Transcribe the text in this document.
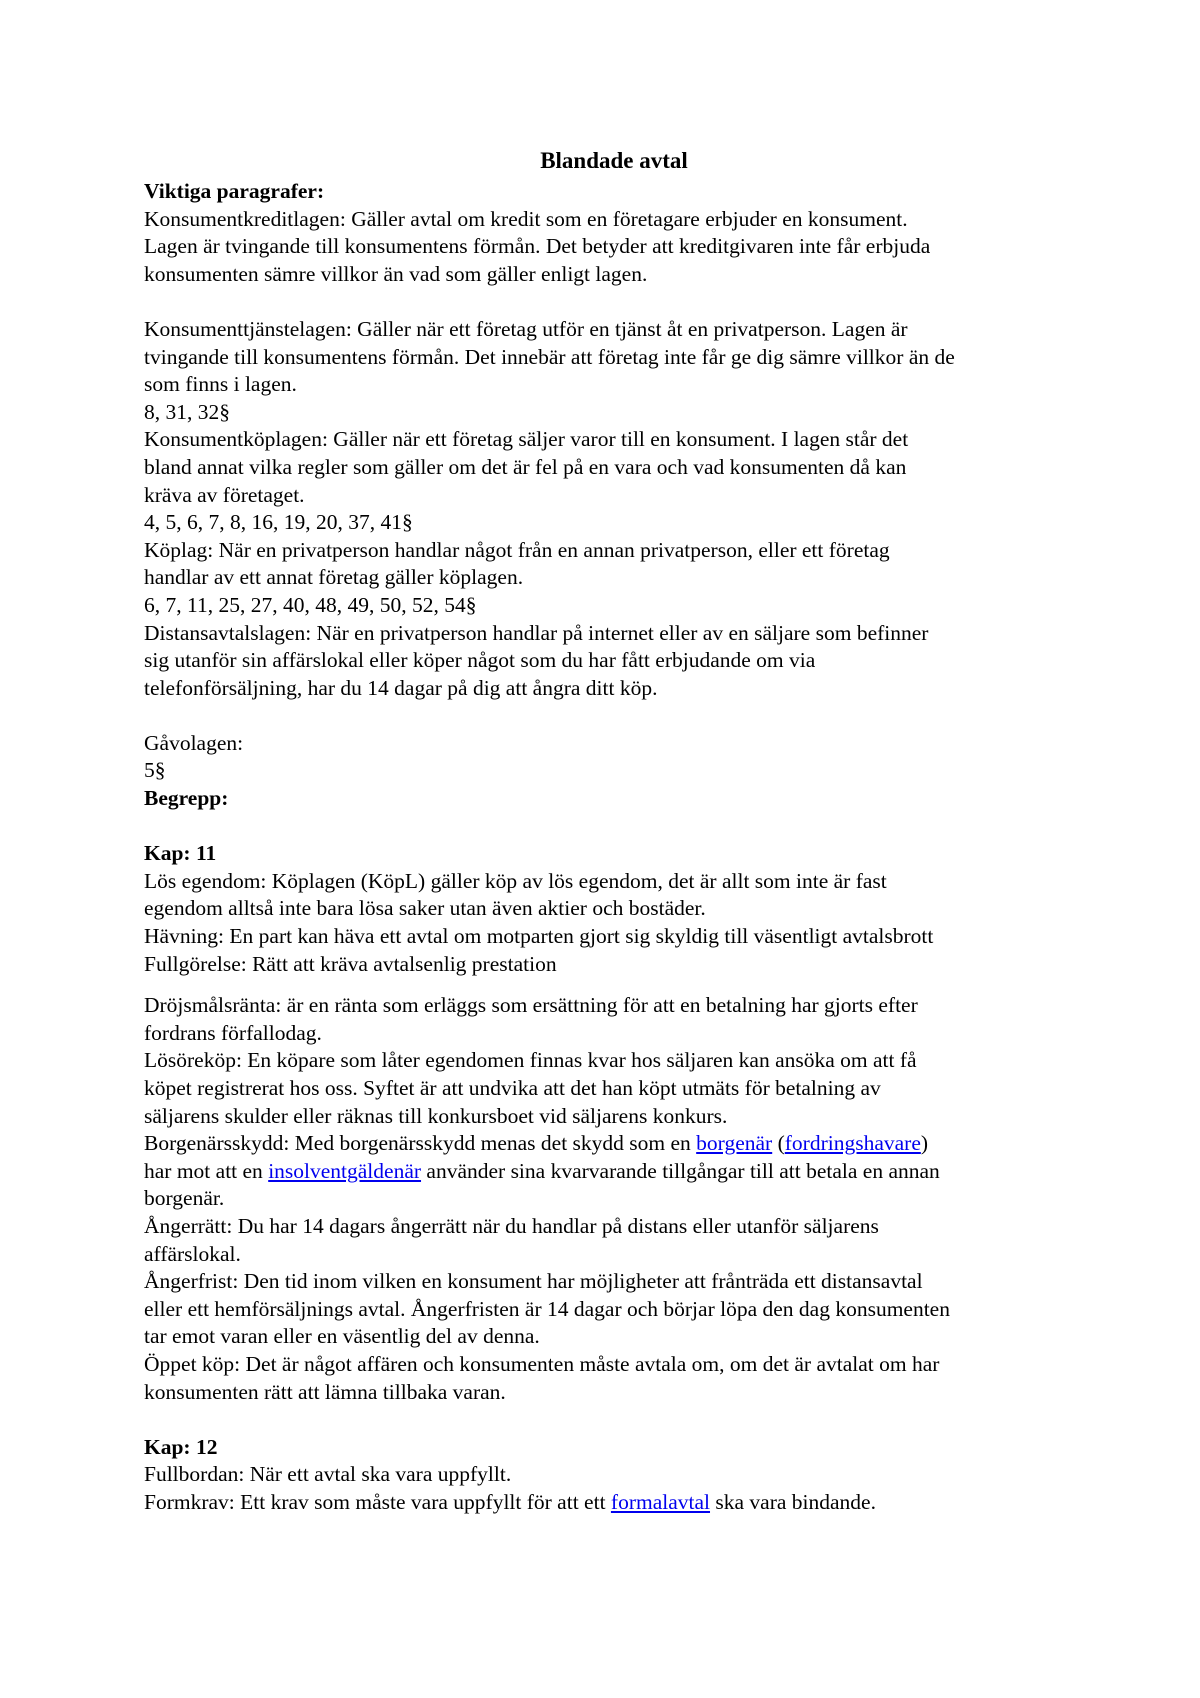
Blandade avtal

Viktiga paragrafer:

Konsumentkreditlagen: Gäller avtal om kredit som en företagare erbjuder en konsument.

Lagen är tvingande till konsumentens förmån. Det betyder att kreditgivaren inte får erbjuda

konsumenten sämre villkor än vad som gäller enligt lagen.

Konsumenttjänstelagen: Gäller när ett företag utför en tjänst åt en privatperson. Lagen är

tvingande till konsumentens förmån. Det innebär att företag inte får ge dig sämre villkor än de

som finns i lagen.

8, 31, 32§

Konsumentköplagen: Gäller när ett företag säljer varor till en konsument. I lagen står det

bland annat vilka regler som gäller om det är fel på en vara och vad konsumenten då kan

kräva av företaget.

4, 5, 6, 7, 8, 16, 19, 20, 37, 41§

Köplag: När en privatperson handlar något från en annan privatperson, eller ett företag

handlar av ett annat företag gäller köplagen.

6, 7, 11, 25, 27, 40, 48, 49, 50, 52, 54§

Distansavtalslagen: När en privatperson handlar på internet eller av en säljare som befinner

sig utanför sin affärslokal eller köper något som du har fått erbjudande om via

telefonförsäljning, har du 14 dagar på dig att ångra ditt köp.

Gåvolagen:

5§

Begrepp:

Kap: 11

Lös egendom: Köplagen (KöpL) gäller köp av lös egendom, det är allt som inte är fast

egendom alltså inte bara lösa saker utan även aktier och bostäder.

Hävning: En part kan häva ett avtal om motparten gjort sig skyldig till väsentligt avtalsbrott

Fullgörelse: Rätt att kräva avtalsenlig prestation

Dröjsmålsränta: är en ränta som erläggs som ersättning för att en betalning har gjorts efter

fordrans förfallodag.

Lösöreköp: En köpare som låter egendomen finnas kvar hos säljaren kan ansöka om att få

köpet registrerat hos oss. Syftet är att undvika att det han köpt utmäts för betalning av

säljarens skulder eller räknas till konkursboet vid säljarens konkurs.

Borgenärsskydd: Med borgenärsskydd menas det skydd som en borgenär (fordringshavare)

har mot att en insolventgäldenär använder sina kvarvarande tillgångar till att betala en annan

borgenär.

Ångerrätt: Du har 14 dagars ångerrätt när du handlar på distans eller utanför säljarens

affärslokal.

Ångerfrist: Den tid inom vilken en konsument har möjligheter att frånträda ett distansavtal

eller ett hemförsäljnings avtal. Ångerfristen är 14 dagar och börjar löpa den dag konsumenten

tar emot varan eller en väsentlig del av denna.

Öppet köp: Det är något affären och konsumenten måste avtala om, om det är avtalat om har

konsumenten rätt att lämna tillbaka varan.

Kap: 12

Fullbordan: När ett avtal ska vara uppfyllt.

Formkrav: Ett krav som måste vara uppfyllt för att ett formalavtal ska vara bindande.
